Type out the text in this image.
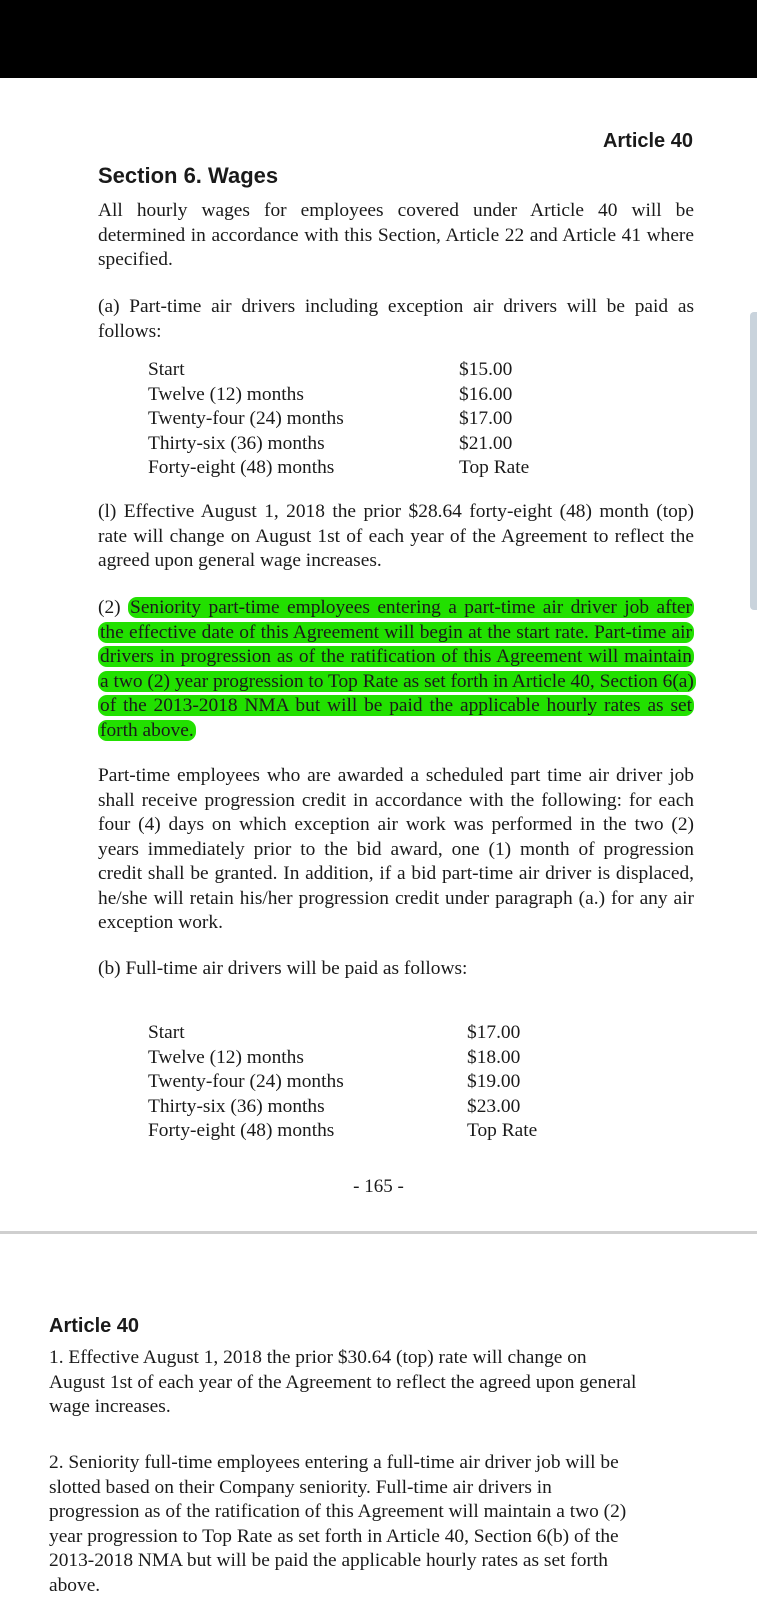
Article 40
Section 6. Wages
All hourly wages for employees covered under Article 40 will be determined in accordance with this Section, Article 22 and Article 41 where specified.
(a) Part-time air drivers including exception air drivers will be paid as follows:
Start	$15.00
Twelve (12) months	$16.00
Twenty-four (24) months	$17.00
Thirty-six (36) months	$21.00
Forty-eight (48) months	Top Rate
(l) Effective August 1, 2018 the prior $28.64 forty-eight (48) month (top) rate will change on August 1st of each year of the Agreement to reflect the agreed upon general wage increases.
(2) Seniority part-time employees entering a part-time air driver job after the effective date of this Agreement will begin at the start rate. Part-time air drivers in progression as of the ratification of this Agreement will maintain a two (2) year progression to Top Rate as set forth in Article 40, Section 6(a) of the 2013-2018 NMA but will be paid the applicable hourly rates as set forth above.
Part-time employees who are awarded a scheduled part time air driver job shall receive progression credit in accordance with the following: for each four (4) days on which exception air work was performed in the two (2) years immediately prior to the bid award, one (1) month of progression credit shall be granted. In addition, if a bid part-time air driver is displaced, he/she will retain his/her progression credit under paragraph (a.) for any air exception work.
(b) Full-time air drivers will be paid as follows:
Start	$17.00
Twelve (12) months	$18.00
Twenty-four (24) months	$19.00
Thirty-six (36) months	$23.00
Forty-eight (48) months	Top Rate
- 165 -
Article 40
1. Effective August 1, 2018 the prior $30.64 (top) rate will change on August 1st of each year of the Agreement to reflect the agreed upon general wage increases.
2. Seniority full-time employees entering a full-time air driver job will be slotted based on their Company seniority. Full-time air drivers in progression as of the ratification of this Agreement will maintain a two (2) year progression to Top Rate as set forth in Article 40, Section 6(b) of the 2013-2018 NMA but will be paid the applicable hourly rates as set forth above.
